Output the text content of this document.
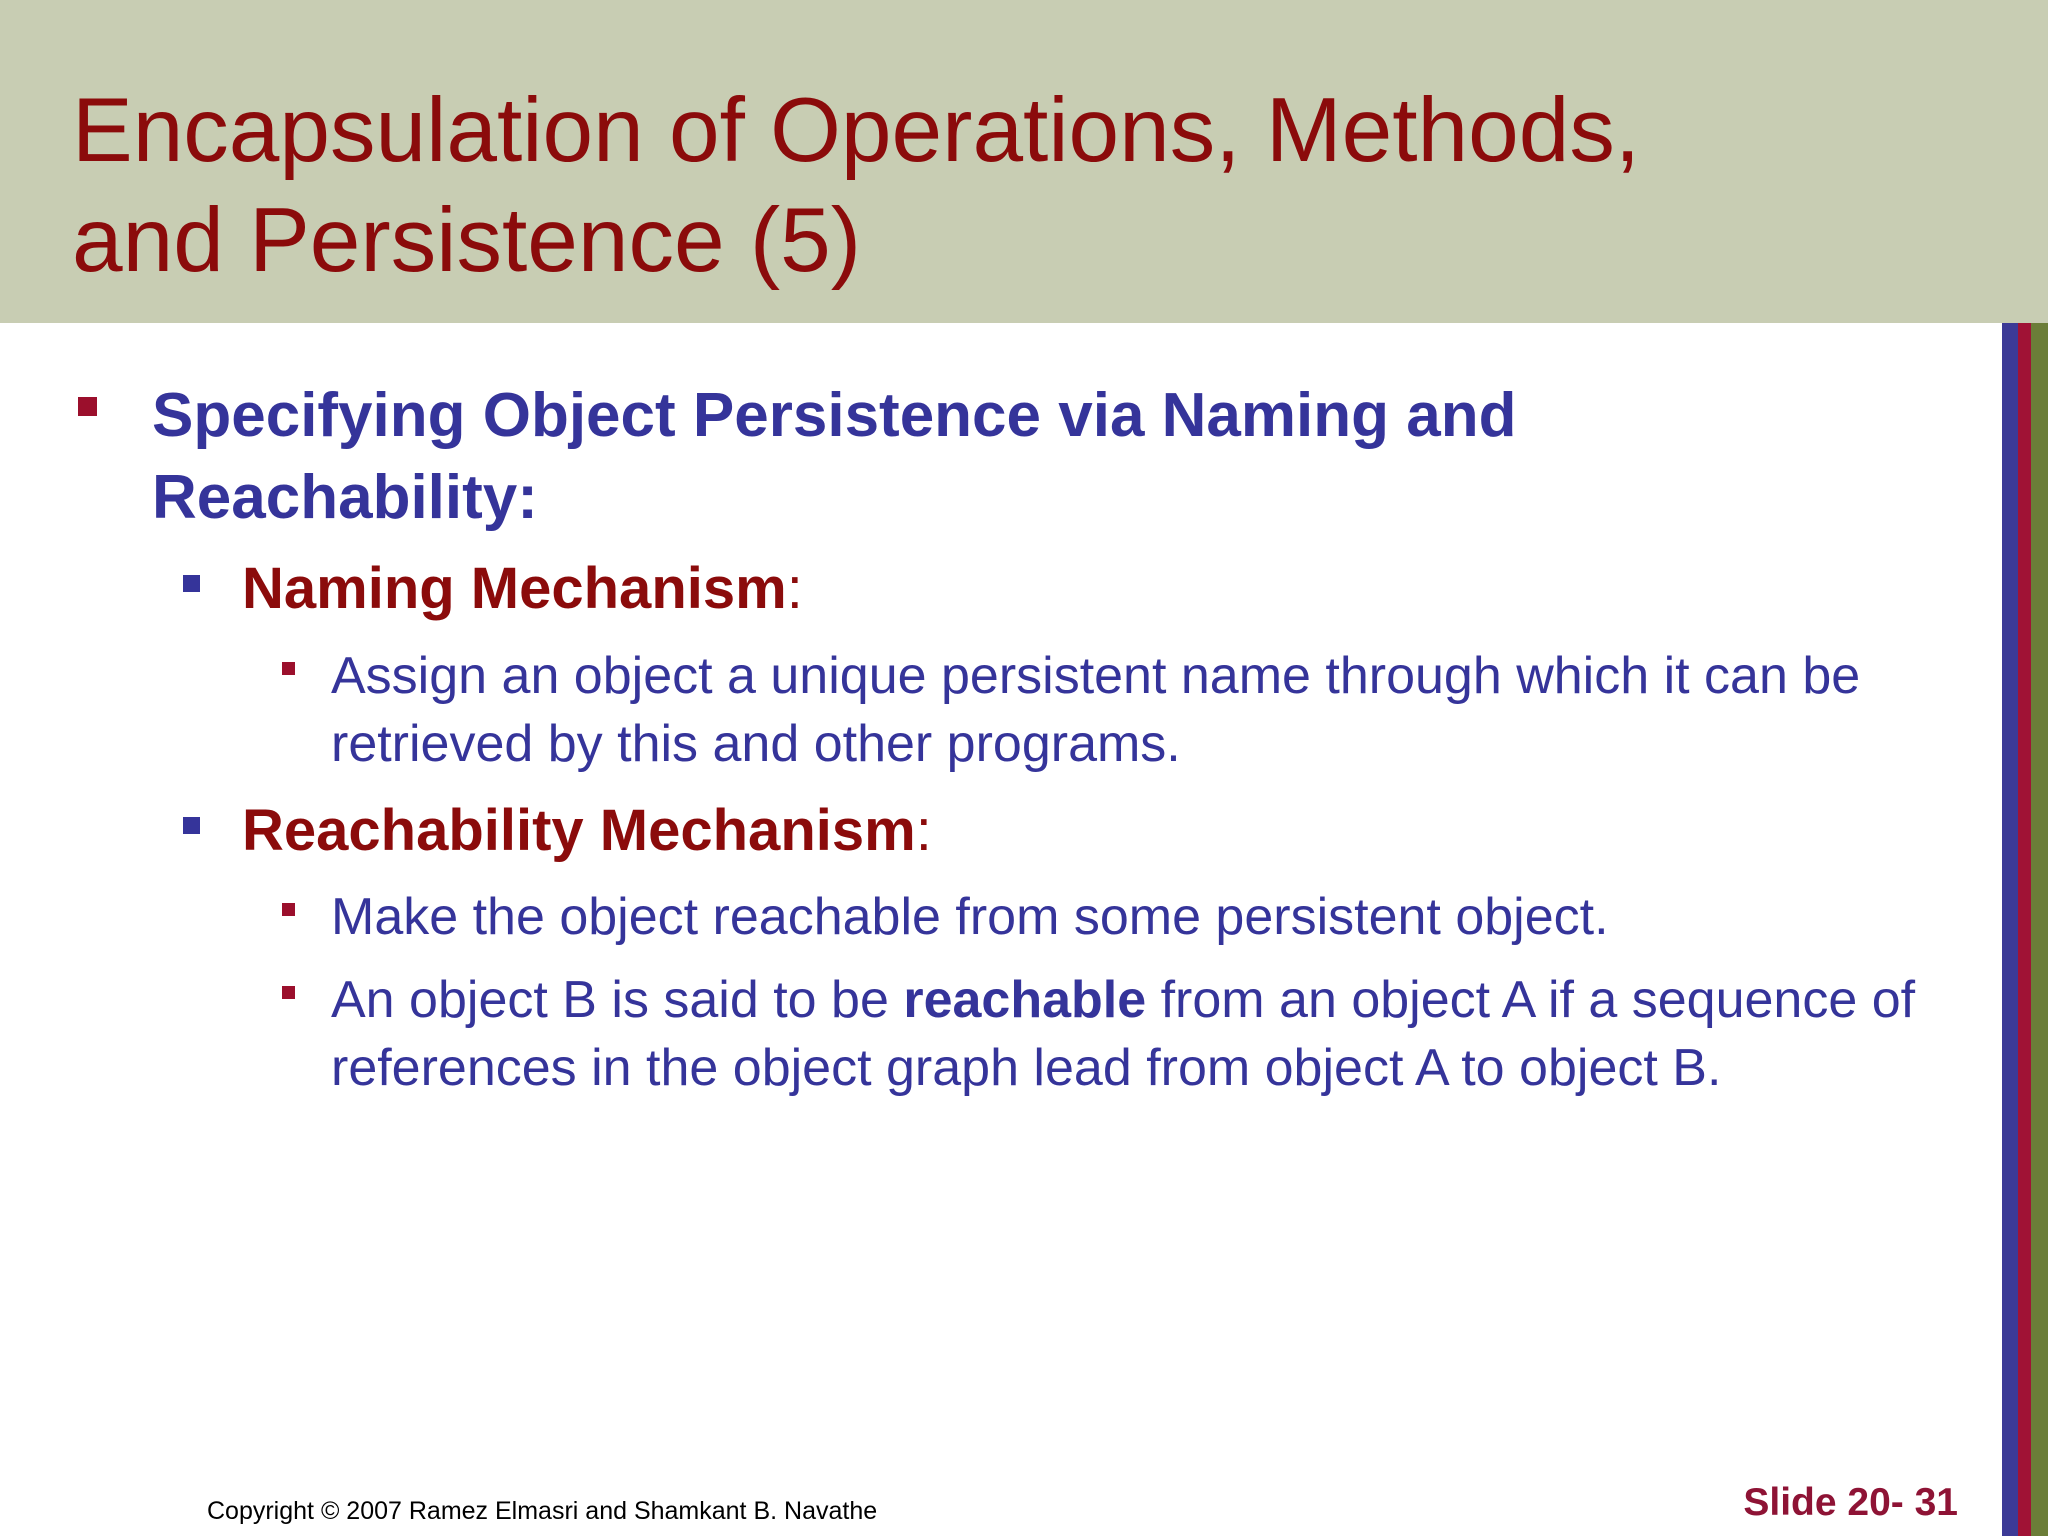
Encapsulation of Operations, Methods,
and Persistence (5)
Specifying Object Persistence via Naming and Reachability:
Naming Mechanism:
Assign an object a unique persistent name through which it can be retrieved by this and other programs.
Reachability Mechanism:
Make the object reachable from some persistent object.
An object B is said to be reachable from an object A if a sequence of references in the object graph lead from object A to object B.
Copyright © 2007 Ramez Elmasri and Shamkant B. Navathe	Slide 20- 31
